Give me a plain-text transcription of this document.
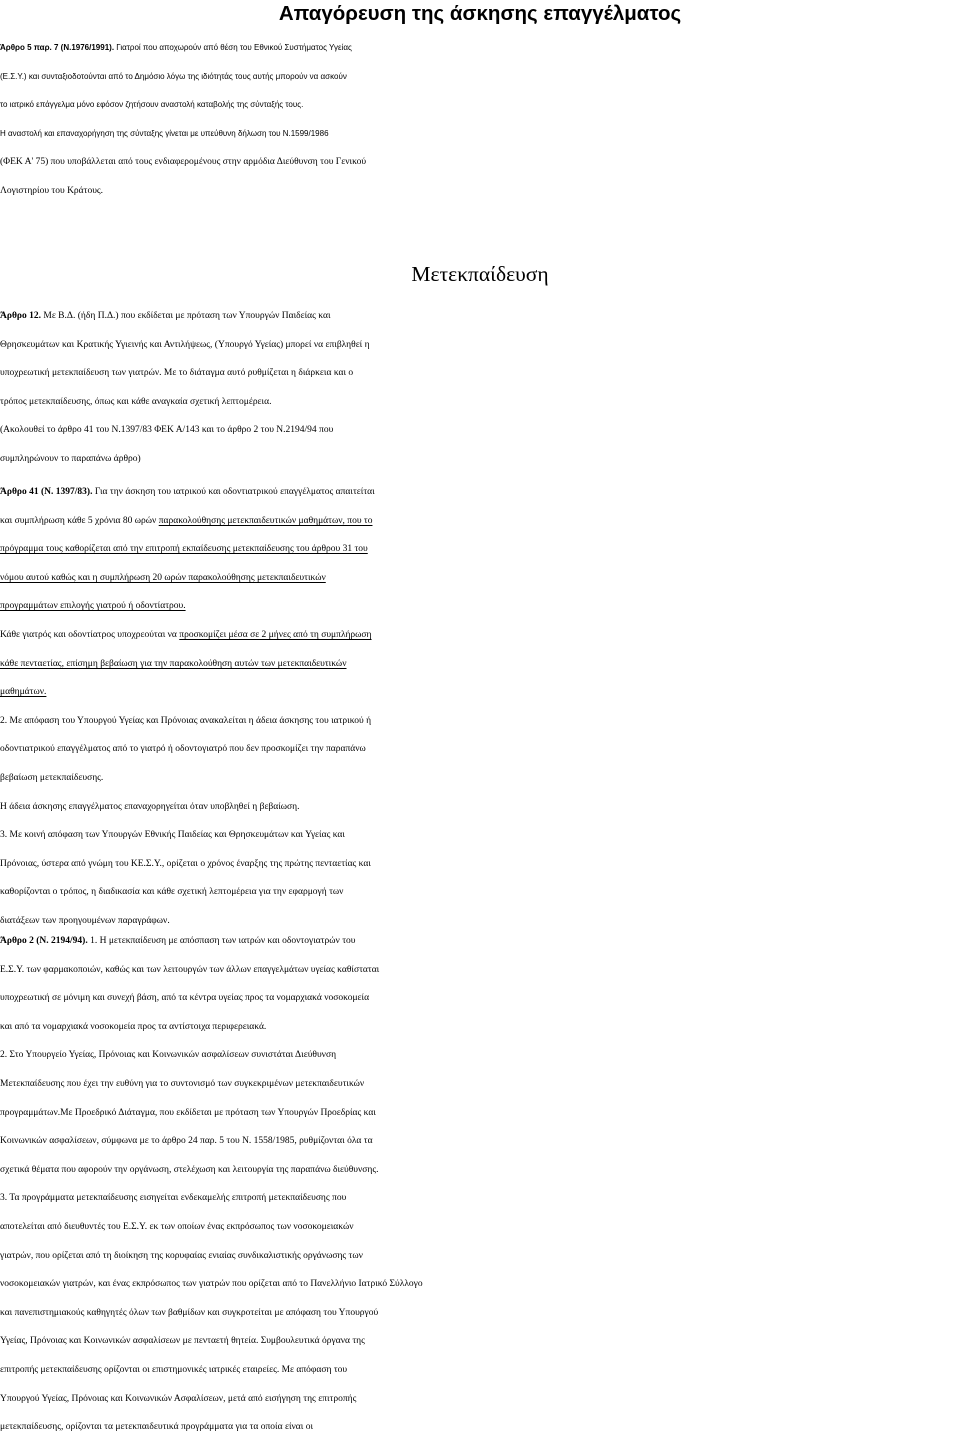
Απαγόρευση της άσκησης επαγγέλματος
Άρθρο 5 παρ. 7 (Ν.1976/1991). Γιατροί που αποχωρούν από θέση του Εθνικού Συστήματος Υγείας
(Ε.Σ.Υ.) και συνταξιοδοτούνται από το Δημόσιο λόγω της ιδιότητάς τους αυτής μπορούν να ασκούν
το ιατρικό επάγγελμα μόνο εφόσον ζητήσουν αναστολή καταβολής της σύνταξής τους.
Η αναστολή και επαναχορήγηση της σύνταξης γίνεται με υπεύθυνη δήλωση του Ν.1599/1986
(ΦΕΚ Α' 75) που υποβάλλεται από τους ενδιαφερομένους στην αρμόδια Διεύθυνση του Γενικού
Λογιστηρίου του Κράτους.
Μετεκπαίδευση
Άρθρο 12. Με Β.Δ. (ήδη Π.Δ.) που εκδίδεται με πρόταση των Υπουργών Παιδείας και
Θρησκευμάτων και Κρατικής Υγιεινής και Αντιλήψεως, (Υπουργό Υγείας) μπορεί να επιβληθεί η
υποχρεωτική μετεκπαίδευση των γιατρών. Με το διάταγμα αυτό ρυθμίζεται η διάρκεια και ο
τρόπος μετεκπαίδευσης, όπως και κάθε αναγκαία σχετική λεπτομέρεια.
(Ακολουθεί το άρθρο 41 του Ν.1397/83 ΦΕΚ Α/143 και το άρθρο 2 του Ν.2194/94 που
συμπληρώνουν το παραπάνω άρθρο)
Άρθρο 41 (Ν. 1397/83). Για την άσκηση του ιατρικού και οδοντιατρικού επαγγέλματος απαιτείται
και συμπλήρωση κάθε 5 χρόνια 80 ωρών παρακολούθησης μετεκπαιδευτικών μαθημάτων, που το
πρόγραμμα τους καθορίζεται από την επιτροπή εκπαίδευσης μετεκπαίδευσης του άρθρου 31 του
νόμου αυτού καθώς και η συμπλήρωση 20 ωρών παρακολούθησης μετεκπαιδευτικών
προγραμμάτων επιλογής γιατρού ή οδοντίατρου.
Κάθε γιατρός και οδοντίατρος υποχρεούται να προσκομίζει μέσα σε 2 μήνες από τη συμπλήρωση
κάθε πενταετίας, επίσημη βεβαίωση για την παρακολούθηση αυτών των μετεκπαιδευτικών
μαθημάτων.
2. Με απόφαση του Υπουργού Υγείας και Πρόνοιας ανακαλείται η άδεια άσκησης του ιατρικού ή
οδοντιατρικού επαγγέλματος από το γιατρό ή οδοντογιατρό που δεν προσκομίζει την παραπάνω
βεβαίωση μετεκπαίδευσης.
Η άδεια άσκησης επαγγέλματος επαναχορηγείται όταν υποβληθεί η βεβαίωση.
3. Με κοινή απόφαση των Υπουργών Εθνικής Παιδείας και Θρησκευμάτων και Υγείας και
Πρόνοιας, ύστερα από γνώμη του ΚΕ.Σ.Υ., ορίζεται ο χρόνος έναρξης της πρώτης πενταετίας και
καθορίζονται ο τρόπος, η διαδικασία και κάθε σχετική λεπτομέρεια για την εφαρμογή των
διατάξεων των προηγουμένων παραγράφων.
Άρθρο 2 (Ν. 2194/94). 1. Η μετεκπαίδευση με απόσπαση των ιατρών και οδοντογιατρών του
Ε.Σ.Υ. των φαρμακοποιών, καθώς και των λειτουργών των άλλων επαγγελμάτων υγείας καθίσταται
υποχρεωτική σε μόνιμη και συνεχή βάση, από τα κέντρα υγείας προς τα νομαρχιακά νοσοκομεία
και από τα νομαρχιακά νοσοκομεία προς τα αντίστοιχα περιφερειακά.
2. Στο Υπουργείο Υγείας, Πρόνοιας και Κοινωνικών ασφαλίσεων συνιστάται Διεύθυνση
Μετεκπαίδευσης που έχει την ευθύνη για το συντονισμό των συγκεκριμένων μετεκπαιδευτικών
προγραμμάτων.Με Προεδρικό Διάταγμα, που εκδίδεται με πρόταση των Υπουργών Προεδρίας και
Κοινωνικών ασφαλίσεων, σύμφωνα με το άρθρο 24 παρ. 5 του Ν. 1558/1985, ρυθμίζονται όλα τα
σχετικά θέματα που αφορούν την οργάνωση, στελέχωση και λειτουργία της παραπάνω διεύθυνσης.
3. Τα προγράμματα μετεκπαίδευσης εισηγείται ενδεκαμελής επιτροπή μετεκπαίδευσης που
αποτελείται από διευθυντές του Ε.Σ.Υ. εκ των οποίων ένας εκπρόσωπος των νοσοκομειακών
γιατρών, που ορίζεται από τη διοίκηση της κορυφαίας ενιαίας συνδικαλιστικής οργάνωσης των
νοσοκομειακών γιατρών, και ένας εκπρόσωπος των γιατρών που ορίζεται από το Πανελλήνιο Ιατρικό Σύλλογο
και πανεπιστημιακούς καθηγητές όλων των βαθμίδων και συγκροτείται με απόφαση του Υπουργού
Υγείας, Πρόνοιας και Κοινωνικών ασφαλίσεων με πενταετή θητεία. Συμβουλευτικά όργανα της
επιτροπής μετεκπαίδευσης ορίζονται οι επιστημονικές ιατρικές εταιρείες. Με απόφαση του
Υπουργού Υγείας, Πρόνοιας και Κοινωνικών Ασφαλίσεων, μετά από εισήγηση της επιτροπής
μετεκπαίδευσης, ορίζονται τα μετεκπαιδευτικά προγράμματα για τα οποία είναι οι
